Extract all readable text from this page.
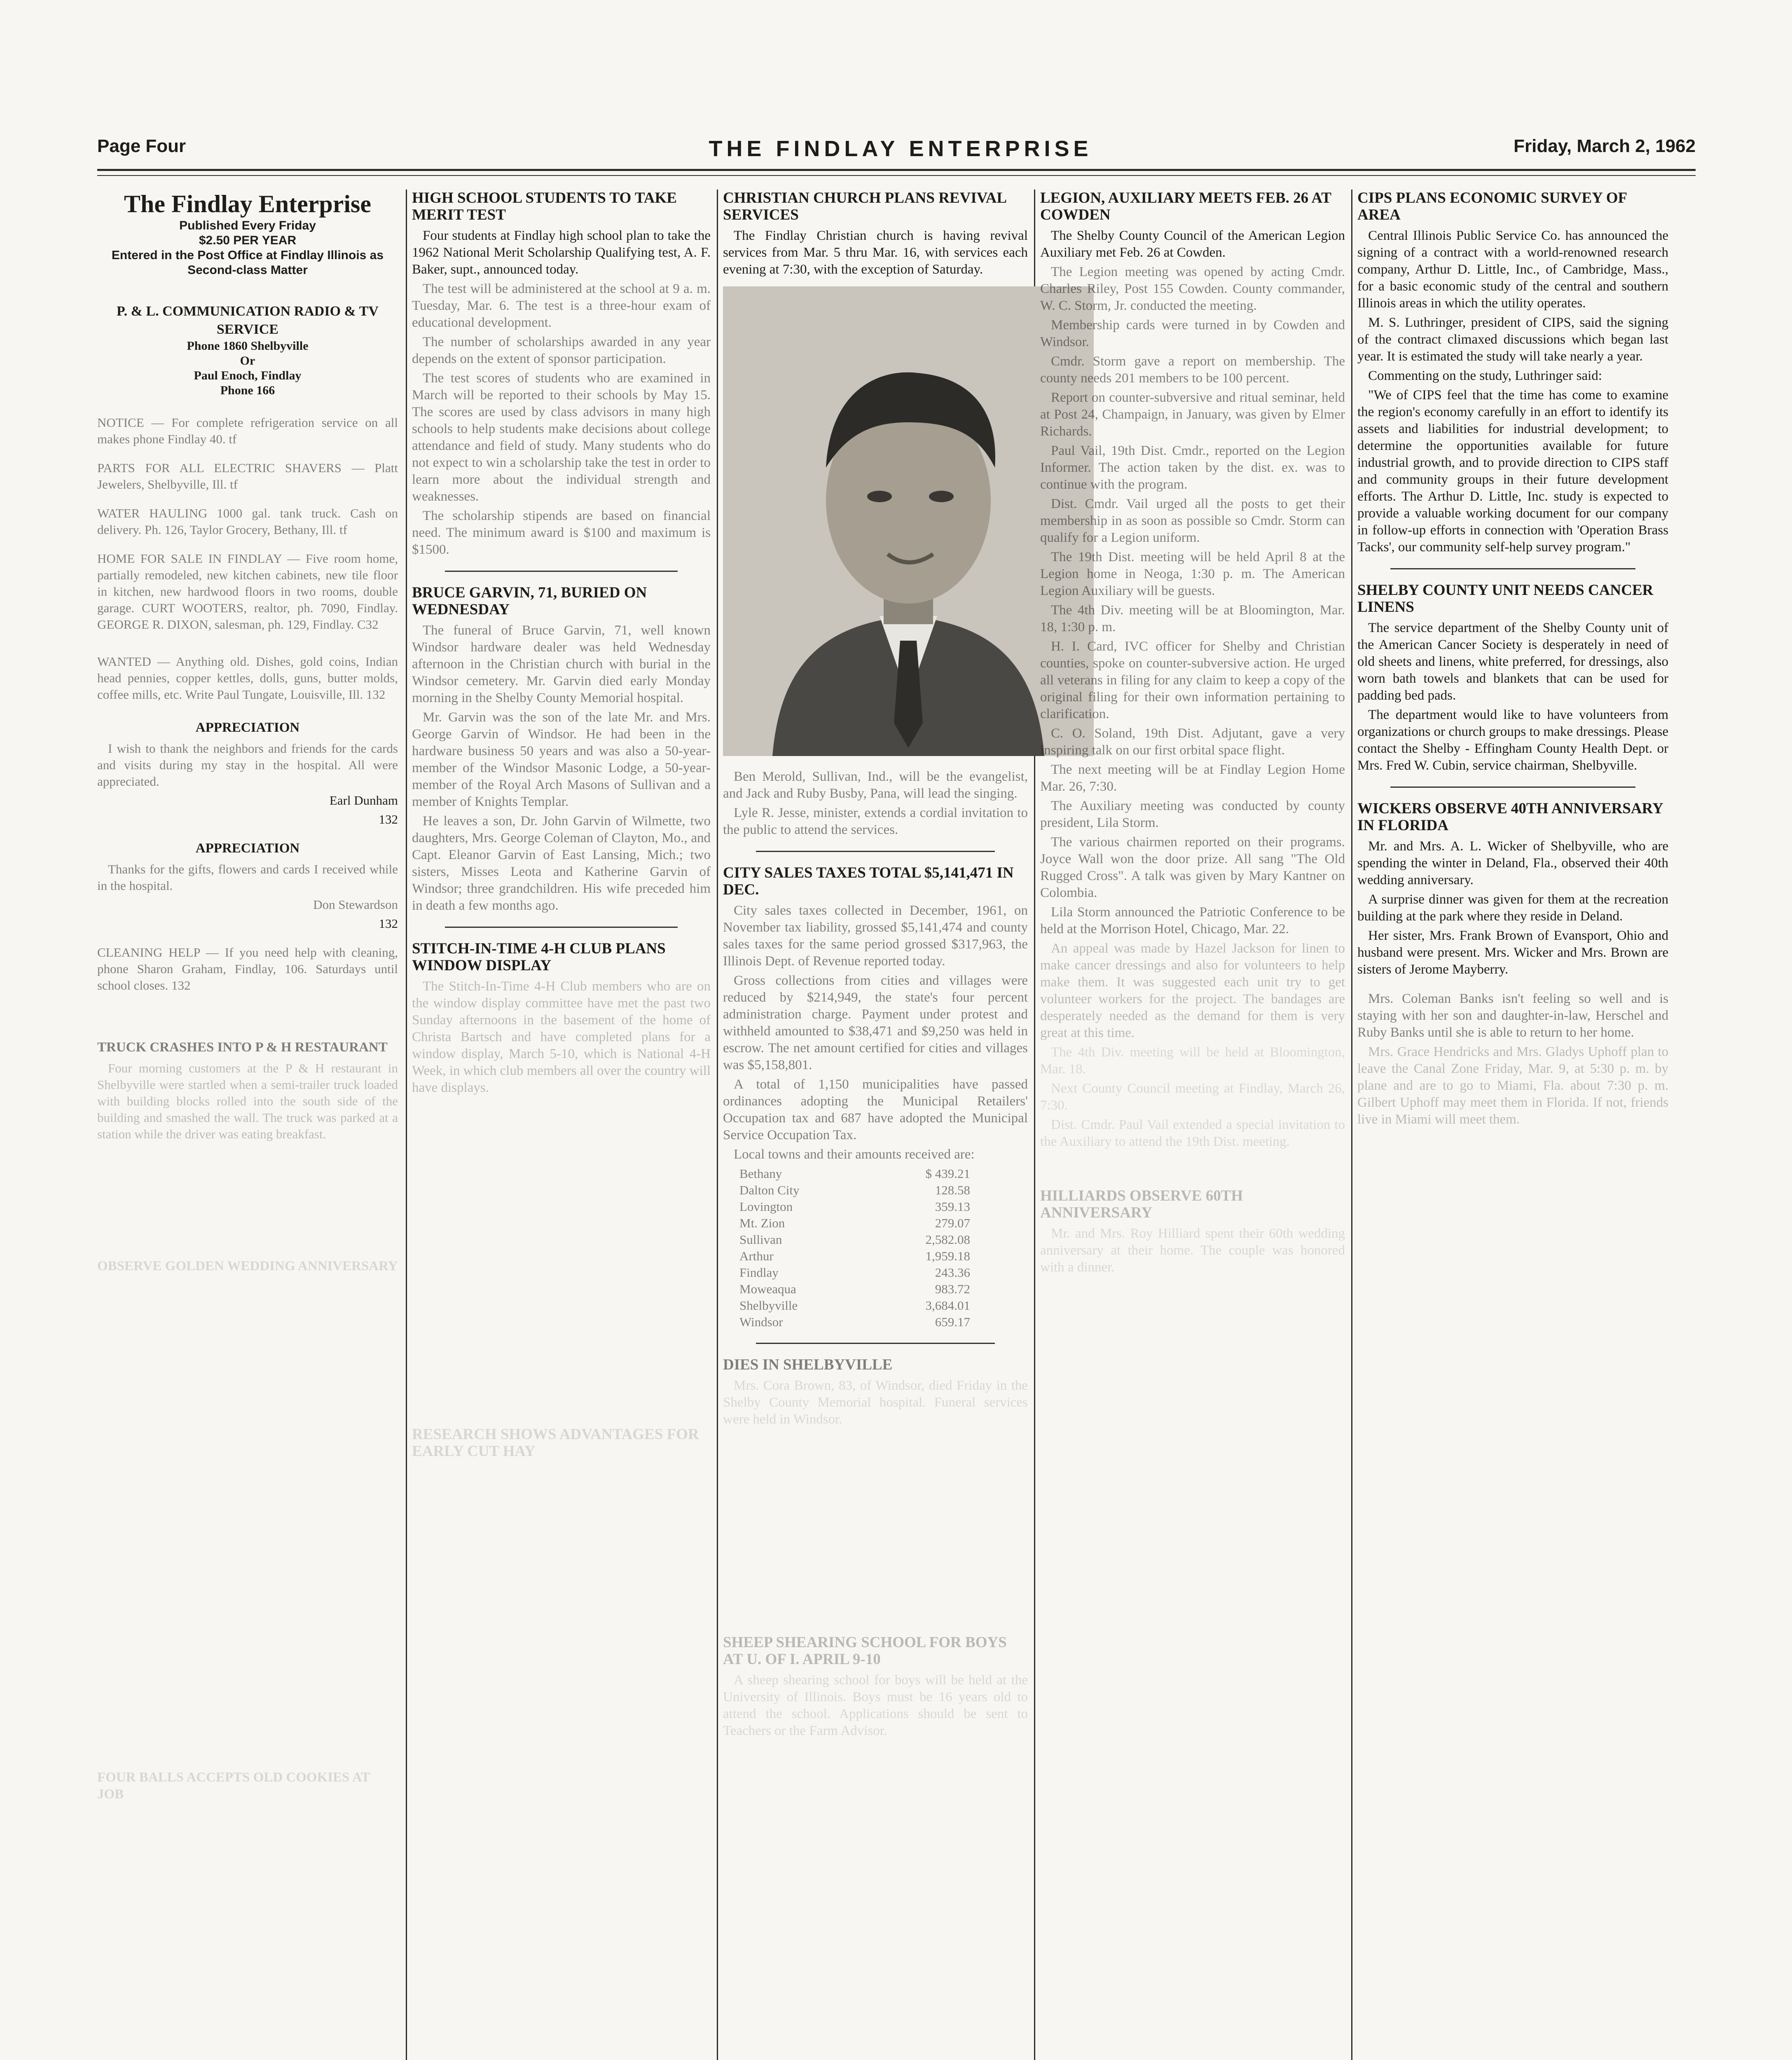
Page Four	THE FINDLAY ENTERPRISE	Friday, March 2, 1962
The Findlay Enterprise
Published Every Friday
$2.50 PER YEAR
Entered in the Post Office at Findlay Illinois as Second-class Matter
P. & L. COMMUNICATION RADIO & TV SERVICE
Phone 1860 Shelbyville
Or
Paul Enoch, Findlay
Phone 166

NOTICE — For complete refrigeration service on all makes phone Findlay 40. tf

PARTS FOR ALL ELECTRIC SHAVERS — Platt Jewelers, Shelbyville, Ill. tf

WATER HAULING 1000 gal. tank truck. Cash on delivery. Ph. 126, Taylor Grocery, Bethany, Ill. tf

HOME FOR SALE IN FINDLAY — Five room home, partially remodeled, new kitchen cabinets, new tile floor in kitchen, new hardwood floors in two rooms, double garage. CURT WOOTERS, realtor, ph. 7090, Findlay. GEORGE R. DIXON, salesman, ph. 129, Findlay. C32

WANTED — Anything old. Dishes, gold coins, Indian head pennies, copper kettles, dolls, guns, butter molds, coffee mills, etc. Write Paul Tungate, Louisville, Ill. 132

APPRECIATION

I wish to thank the neighbors and friends for the cards and visits during my stay in the hospital. All were appreciated.

Earl Dunham

132

APPRECIATION

Thanks for the gifts, flowers and cards I received while in the hospital.

Don Stewardson

132

CLEANING HELP — If you need help with cleaning, phone Sharon Graham, Findlay, 106. Saturdays until school closes. 132

TRUCK CRASHES INTO P & H RESTAURANT

Four morning customers at the P & H restaurant in Shelbyville were startled when a semi-trailer truck loaded with building blocks rolled into the south side of the building and smashed the wall. The truck was parked at a station while the driver was eating breakfast.

OBSERVE GOLDEN WEDDING ANNIVERSARY
FOUR BALLS ACCEPTS OLD COOKIES AT JOB
HIGH SCHOOL STUDENTS TO TAKE MERIT TEST

Four students at Findlay high school plan to take the 1962 National Merit Scholarship Qualifying test, A. F. Baker, supt., announced today.

The test will be administered at the school at 9 a. m. Tuesday, Mar. 6. The test is a three-hour exam of educational development.

The number of scholarships awarded in any year depends on the extent of sponsor participation.

The test scores of students who are examined in March will be reported to their schools by May 15. The scores are used by class advisors in many high schools to help students make decisions about college attendance and field of study. Many students who do not expect to win a scholarship take the test in order to learn more about the individual strength and weaknesses.

The scholarship stipends are based on financial need. The minimum award is $100 and maximum is $1500.

BRUCE GARVIN, 71, BURIED ON WEDNESDAY

The funeral of Bruce Garvin, 71, well known Windsor hardware dealer was held Wednesday afternoon in the Christian church with burial in the Windsor cemetery. Mr. Garvin died early Monday morning in the Shelby County Memorial hospital.

Mr. Garvin was the son of the late Mr. and Mrs. George Garvin of Windsor. He had been in the hardware business 50 years and was also a 50-year-member of the Windsor Masonic Lodge, a 50-year-member of the Royal Arch Masons of Sullivan and a member of Knights Templar.

He leaves a son, Dr. John Garvin of Wilmette, two daughters, Mrs. George Coleman of Clayton, Mo., and Capt. Eleanor Garvin of East Lansing, Mich.; two sisters, Misses Leota and Katherine Garvin of Windsor; three grandchildren. His wife preceded him in death a few months ago.

STITCH-IN-TIME 4-H CLUB PLANS WINDOW DISPLAY

The Stitch-In-Time 4-H Club members who are on the window display committee have met the past two Sunday afternoons in the basement of the home of Christa Bartsch and have completed plans for a window display, March 5-10, which is National 4-H Week, in which club members all over the country will have displays.

RESEARCH SHOWS ADVANTAGES FOR EARLY CUT HAY
CHRISTIAN CHURCH PLANS REVIVAL SERVICES

The Findlay Christian church is having revival services from Mar. 5 thru Mar. 16, with services each evening at 7:30, with the exception of Saturday.

Ben Merold, Sullivan, Ind., will be the evangelist, and Jack and Ruby Busby, Pana, will lead the singing.

Lyle R. Jesse, minister, extends a cordial invitation to the public to attend the services.

CITY SALES TAXES TOTAL $5,141,471 IN DEC.

City sales taxes collected in December, 1961, on November tax liability, grossed $5,141,474 and county sales taxes for the same period grossed $317,963, the Illinois Dept. of Revenue reported today.

Gross collections from cities and villages were reduced by $214,949, the state's four percent administration charge. Payment under protest and withheld amounted to $38,471 and $9,250 was held in escrow. The net amount certified for cities and villages was $5,158,801.

A total of 1,150 municipalities have passed ordinances adopting the Municipal Retailers' Occupation tax and 687 have adopted the Municipal Service Occupation Tax.

Local towns and their amounts received are:

Bethany	$ 439.21
Dalton City	128.58
Lovington	359.13
Mt. Zion	279.07
Sullivan	2,582.08
Arthur	1,959.18
Findlay	243.36
Moweaqua	983.72
Shelbyville	3,684.01
Windsor	659.17
DIES IN SHELBYVILLE

Mrs. Cora Brown, 83, of Windsor, died Friday in the Shelby County Memorial hospital. Funeral services were held in Windsor.

SHEEP SHEARING SCHOOL FOR BOYS AT U. OF I. APRIL 9-10

A sheep shearing school for boys will be held at the University of Illinois. Boys must be 16 years old to attend the school. Applications should be sent to Teachers or the Farm Advisor.

LEGION, AUXILIARY MEETS FEB. 26 AT COWDEN

The Shelby County Council of the American Legion Auxiliary met Feb. 26 at Cowden.

The Legion meeting was opened by acting Cmdr. Charles Riley, Post 155 Cowden. County commander, W. C. Storm, Jr. conducted the meeting.

Membership cards were turned in by Cowden and Windsor.

Cmdr. Storm gave a report on membership. The county needs 201 members to be 100 percent.

Report on counter-subversive and ritual seminar, held at Post 24, Champaign, in January, was given by Elmer Richards.

Paul Vail, 19th Dist. Cmdr., reported on the Legion Informer. The action taken by the dist. ex. was to continue with the program.

Dist. Cmdr. Vail urged all the posts to get their membership in as soon as possible so Cmdr. Storm can qualify for a Legion uniform.

The 19th Dist. meeting will be held April 8 at the Legion home in Neoga, 1:30 p. m. The American Legion Auxiliary will be guests.

The 4th Div. meeting will be at Bloomington, Mar. 18, 1:30 p. m.

H. I. Card, IVC officer for Shelby and Christian counties, spoke on counter-subversive action. He urged all veterans in filing for any claim to keep a copy of the original filing for their own information pertaining to clarification.

C. O. Soland, 19th Dist. Adjutant, gave a very inspiring talk on our first orbital space flight.

The next meeting will be at Findlay Legion Home Mar. 26, 7:30.

The Auxiliary meeting was conducted by county president, Lila Storm.

The various chairmen reported on their programs. Joyce Wall won the door prize. All sang "The Old Rugged Cross". A talk was given by Mary Kantner on Colombia.

Lila Storm announced the Patriotic Conference to be held at the Morrison Hotel, Chicago, Mar. 22.

An appeal was made by Hazel Jackson for linen to make cancer dressings and also for volunteers to help make them. It was suggested each unit try to get volunteer workers for the project. The bandages are desperately needed as the demand for them is very great at this time.

The 4th Div. meeting will be held at Bloomington, Mar. 18.

Next County Council meeting at Findlay, March 26, 7:30.

Dist. Cmdr. Paul Vail extended a special invitation to the Auxiliary to attend the 19th Dist. meeting.

HILLIARDS OBSERVE 60TH ANNIVERSARY

Mr. and Mrs. Roy Hilliard spent their 60th wedding anniversary at their home. The couple was honored with a dinner.

CIPS PLANS ECONOMIC SURVEY OF AREA

Central Illinois Public Service Co. has announced the signing of a contract with a world-renowned research company, Arthur D. Little, Inc., of Cambridge, Mass., for a basic economic study of the central and southern Illinois areas in which the utility operates.

M. S. Luthringer, president of CIPS, said the signing of the contract climaxed discussions which began last year. It is estimated the study will take nearly a year.

Commenting on the study, Luthringer said:

"We of CIPS feel that the time has come to examine the region's economy carefully in an effort to identify its assets and liabilities for industrial development; to determine the opportunities available for future industrial growth, and to provide direction to CIPS staff and community groups in their future development efforts. The Arthur D. Little, Inc. study is expected to provide a valuable working document for our company in follow-up efforts in connection with 'Operation Brass Tacks', our community self-help survey program."

SHELBY COUNTY UNIT NEEDS CANCER LINENS

The service department of the Shelby County unit of the American Cancer Society is desperately in need of old sheets and linens, white preferred, for dressings, also worn bath towels and blankets that can be used for padding bed pads.

The department would like to have volunteers from organizations or church groups to make dressings. Please contact the Shelby - Effingham County Health Dept. or Mrs. Fred W. Cubin, service chairman, Shelbyville.

WICKERS OBSERVE 40TH ANNIVERSARY IN FLORIDA

Mr. and Mrs. A. L. Wicker of Shelbyville, who are spending the winter in Deland, Fla., observed their 40th wedding anniversary.

A surprise dinner was given for them at the recreation building at the park where they reside in Deland.

Her sister, Mrs. Frank Brown of Evansport, Ohio and husband were present. Mrs. Wicker and Mrs. Brown are sisters of Jerome Mayberry.

Mrs. Coleman Banks isn't feeling so well and is staying with her son and daughter-in-law, Herschel and Ruby Banks until she is able to return to her home.

Mrs. Grace Hendricks and Mrs. Gladys Uphoff plan to leave the Canal Zone Friday, Mar. 9, at 5:30 p. m. by plane and are to go to Miami, Fla. about 7:30 p. m. Gilbert Uphoff may meet them in Florida. If not, friends live in Miami will meet them.
